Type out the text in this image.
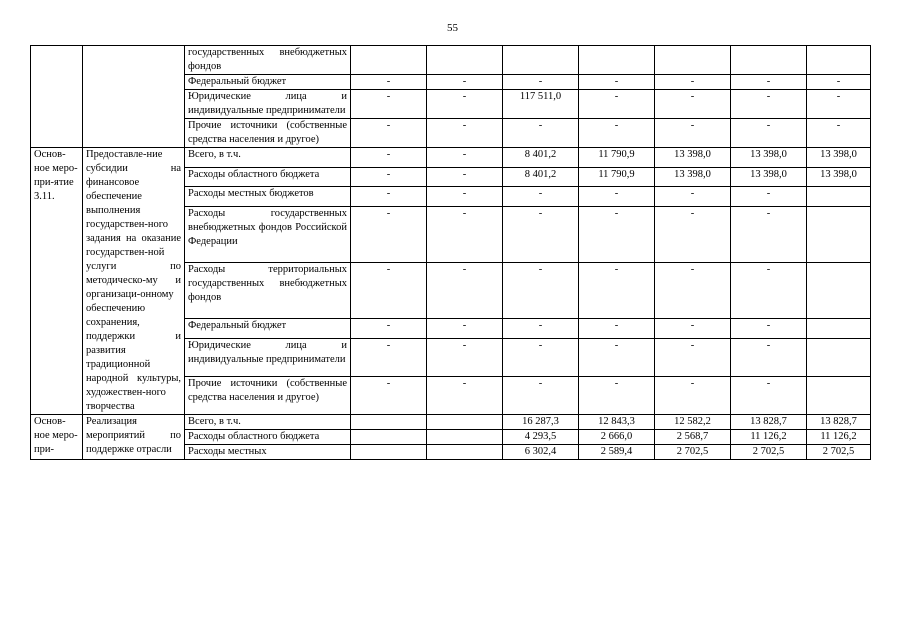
55
		государственных внебюджетных фондов							
		Федеральный бюджет	-	-	-	-	-	-	-
		Юридические лица и индивидуальные предприниматели	-	-	117 511,0	-	-	-	-
		Прочие источники (собственные средства населения и другое)	-	-	-	-	-	-	-
Основ-ное меро-при-ятие 3.11.	Предоставле-ние субсидии на финансовое обеспечение выполнения государствен-ного задания на оказание государствен-ной услуги по методическо-му и организаци-онному обеспечению сохранения, поддержки и развития традиционной народной культуры, художествен-ного творчества	Всего, в т.ч.	-	-	8 401,2	11 790,9	13 398,0	13 398,0	13 398,0
		Расходы областного бюджета	-	-	8 401,2	11 790,9	13 398,0	13 398,0	13 398,0
		Расходы местных бюджетов	-	-	-	-	-	-	
		Расходы государственных внебюджетных фондов Российской Федерации	-	-	-	-	-	-	
		Расходы территориальных государственных внебюджетных фондов	-	-	-	-	-	-	
		Федеральный бюджет	-	-	-	-	-	-	
		Юридические лица и индивидуальные предприниматели	-	-	-	-	-	-	
		Прочие источники (собственные средства населения и другое)	-	-	-	-	-	-	
Основ-ное меро-при-	Реализация мероприятий по поддержке отрасли	Всего, в т.ч.			16 287,3	12 843,3	12 582,2	13 828,7	13 828,7
		Расходы областного бюджета			4 293,5	2 666,0	2 568,7	11 126,2	11 126,2
		Расходы местных			6 302,4	2 589,4	2 702,5	2 702,5	2 702,5
